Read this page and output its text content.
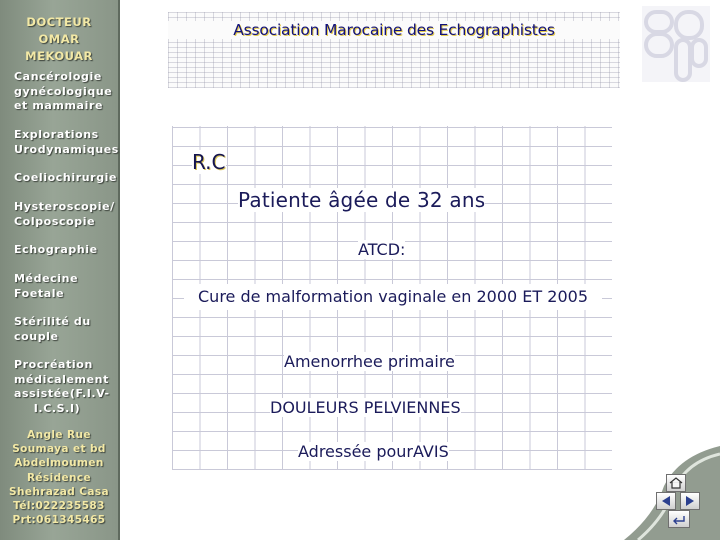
DOCTEUR
OMAR MEKOUAR
Cancérologie
gynécologique
et mammaire
Explorations
Urodynamiques
Coeliochirurgie
Hysteroscopie/
Colposcopie
Echographie
Médecine
Foetale
Stérilité du
couple
Procréation
médicalement
assistée(F.I.V-
I.C.S.I)
Angle Rue
Soumaya et bd
Abdelmoumen
Résidence
Shehrazad Casa
Tél:022235583
Prt:061345465
Association Marocaine des Echographistes
R.C
Patiente âgée de 32 ans
ATCD:
Cure de malformation vaginale en 2000 ET 2005
Amenorrhee primaire
DOULEURS PELVIENNES
Adressée pourAVIS
